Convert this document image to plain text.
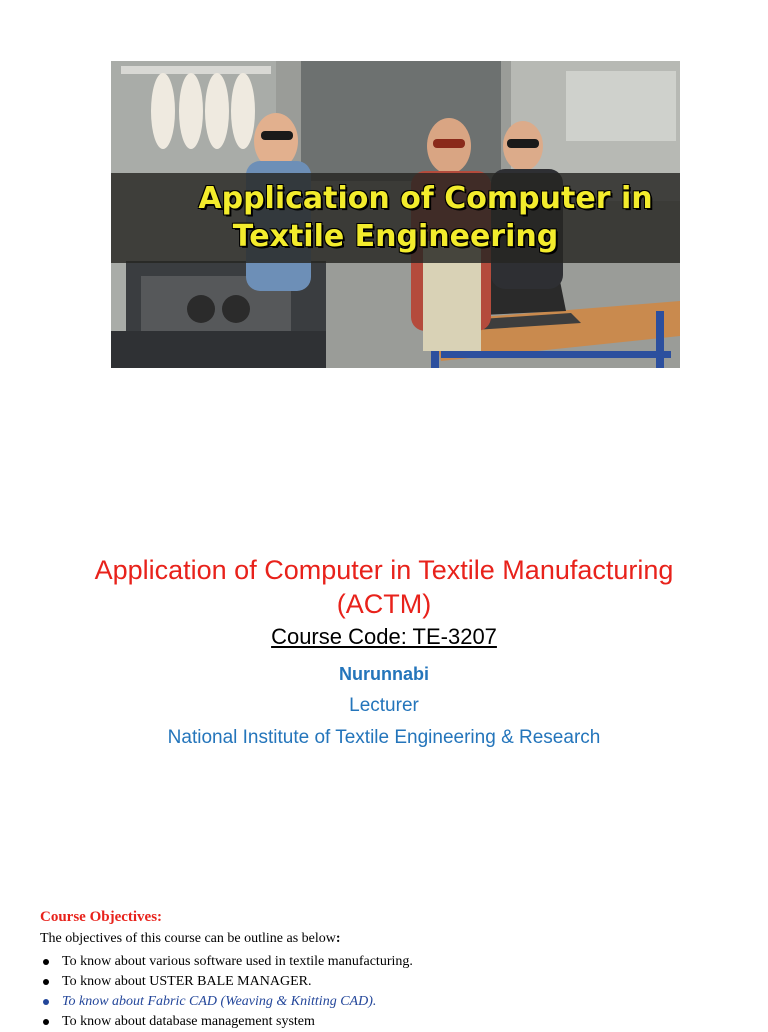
Application of Computer in
Textile Engineering
Application of Computer in Textile Manufacturing
(ACTM)
Course Code: TE-3207
Nurunnabi
Lecturer
National Institute of Textile Engineering & Research
Course Objectives:
The objectives of this course can be outline as below:
To know about various software used in textile manufacturing.
To know about USTER BALE MANAGER.
To know about Fabric CAD (Weaving & Knitting CAD).
To know about database management system
